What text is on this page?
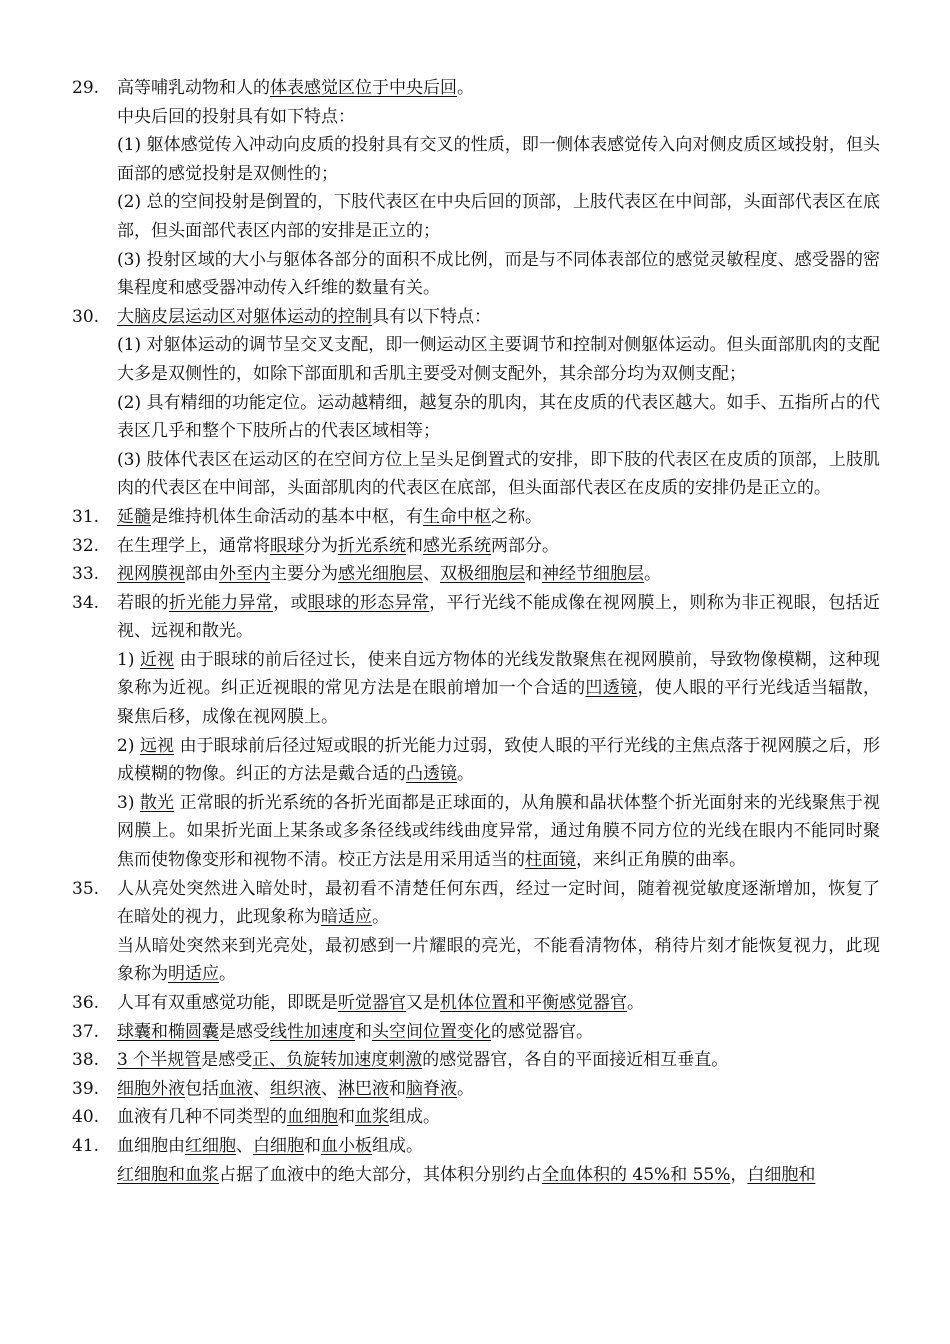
29.	高等哺乳动物和人的体表感觉区位于中央后回。
中央后回的投射具有如下特点：
(1) 躯体感觉传入冲动向皮质的投射具有交叉的性质，即一侧体表感觉传入向对侧皮质区域投射，但头面部的感觉投射是双侧性的；
(2) 总的空间投射是倒置的，下肢代表区在中央后回的顶部，上肢代表区在中间部，头面部代表区在底部，但头面部代表区内部的安排是正立的；
(3) 投射区域的大小与躯体各部分的面积不成比例，而是与不同体表部位的感觉灵敏程度、感受器的密集程度和感受器冲动传入纤维的数量有关。
30.	大脑皮层运动区对躯体运动的控制具有以下特点：
(1) 对躯体运动的调节呈交叉支配，即一侧运动区主要调节和控制对侧躯体运动。但头面部肌肉的支配大多是双侧性的，如除下部面肌和舌肌主要受对侧支配外，其余部分均为双侧支配；
(2) 具有精细的功能定位。运动越精细，越复杂的肌肉，其在皮质的代表区越大。如手、五指所占的代表区几乎和整个下肢所占的代表区域相等；
(3) 肢体代表区在运动区的在空间方位上呈头足倒置式的安排，即下肢的代表区在皮质的顶部，上肢肌肉的代表区在中间部，头面部肌肉的代表区在底部，但头面部代表区在皮质的安排仍是正立的。
31.	延髓是维持机体生命活动的基本中枢，有生命中枢之称。
32.	在生理学上，通常将眼球分为折光系统和感光系统两部分。
33.	视网膜视部由外至内主要分为感光细胞层、双极细胞层和神经节细胞层。
34.	若眼的折光能力异常，或眼球的形态异常，平行光线不能成像在视网膜上，则称为非正视眼，包括近视、远视和散光。
1) 近视 由于眼球的前后径过长，使来自远方物体的光线发散聚焦在视网膜前，导致物像模糊，这种现象称为近视。纠正近视眼的常见方法是在眼前增加一个合适的凹透镜，使人眼的平行光线适当辐散，聚焦后移，成像在视网膜上。
2) 远视 由于眼球前后径过短或眼的折光能力过弱，致使人眼的平行光线的主焦点落于视网膜之后，形成模糊的物像。纠正的方法是戴合适的凸透镜。
3) 散光 正常眼的折光系统的各折光面都是正球面的，从角膜和晶状体整个折光面射来的光线聚焦于视网膜上。如果折光面上某条或多条径线或纬线曲度异常，通过角膜不同方位的光线在眼内不能同时聚焦而使物像变形和视物不清。校正方法是用采用适当的柱面镜，来纠正角膜的曲率。
35.	人从亮处突然进入暗处时，最初看不清楚任何东西，经过一定时间，随着视觉敏度逐渐增加，恢复了在暗处的视力，此现象称为暗适应。
当从暗处突然来到光亮处，最初感到一片耀眼的亮光，不能看清物体，稍待片刻才能恢复视力，此现象称为明适应。
36.	人耳有双重感觉功能，即既是听觉器官又是机体位置和平衡感觉器官。
37.	球囊和椭圆囊是感受线性加速度和头空间位置变化的感觉器官。
38.	3 个半规管是感受正、负旋转加速度刺激的感觉器官，各自的平面接近相互垂直。
39.	细胞外液包括血液、组织液、淋巴液和脑脊液。
40.	血液有几种不同类型的血细胞和血浆组成。
41.	血细胞由红细胞、白细胞和血小板组成。
红细胞和血浆占据了血液中的绝大部分，其体积分别约占全血体积的 45%和 55%，白细胞和
